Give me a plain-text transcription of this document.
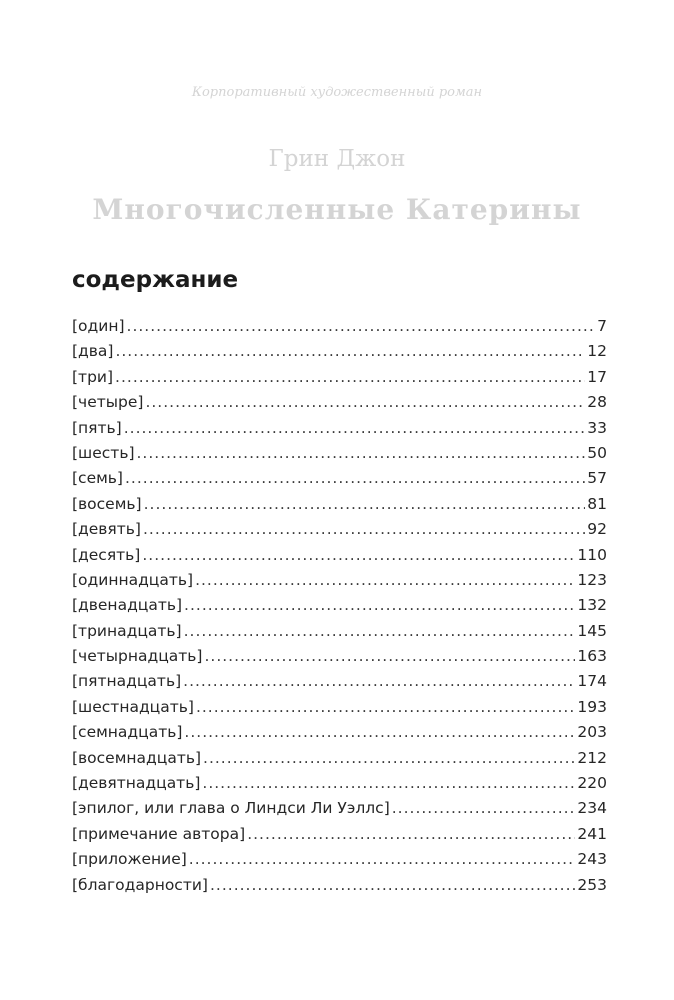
Корпоративный художественный роман
Грин Джон
Многочисленные Катерины
содержание
[один] .....	7
[два] .....	12
[три] .....	17
[четыре] .....	28
[пять] .....	33
[шесть] .....	50
[семь] .....	57
[восемь] .....	81
[девять] .....	92
[десять] .....	110
[одиннадцать] .....	123
[двенадцать] .....	132
[тринадцать] .....	145
[четырнадцать] .....	163
[пятнадцать] .....	174
[шестнадцать] .....	193
[семнадцать] .....	203
[восемнадцать] .....	212
[девятнадцать] .....	220
[эпилог, или глава о Линдси Ли Уэллс] .....	234
[примечание автора] .....	241
[приложение] .....	243
[благодарности] .....	253
